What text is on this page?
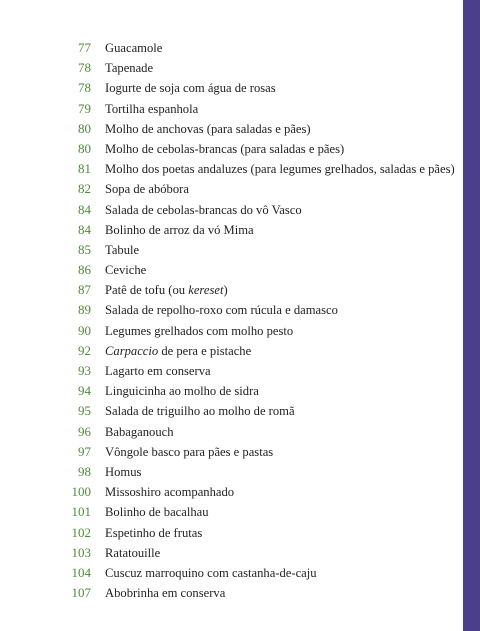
77 Guacamole
78 Tapenade
78 Iogurte de soja com água de rosas
79 Tortilha espanhola
80 Molho de anchovas (para saladas e pães)
80 Molho de cebolas-brancas (para saladas e pães)
81 Molho dos poetas andaluzes (para legumes grelhados, saladas e pães)
82 Sopa de abóbora
84 Salada de cebolas-brancas do vô Vasco
84 Bolinho de arroz da vó Mima
85 Tabule
86 Ceviche
87 Patê de tofu (ou kereset)
89 Salada de repolho-roxo com rúcula e damasco
90 Legumes grelhados com molho pesto
92 Carpaccio de pera e pistache
93 Lagarto em conserva
94 Linguicinha ao molho de sidra
95 Salada de triguilho ao molho de romã
96 Babaganouch
97 Vôngole basco para pães e pastas
98 Homus
100 Missoshiro acompanhado
101 Bolinho de bacalhau
102 Espetinho de frutas
103 Ratatouille
104 Cuscuz marroquino com castanha-de-caju
107 Abobrinha em conserva
